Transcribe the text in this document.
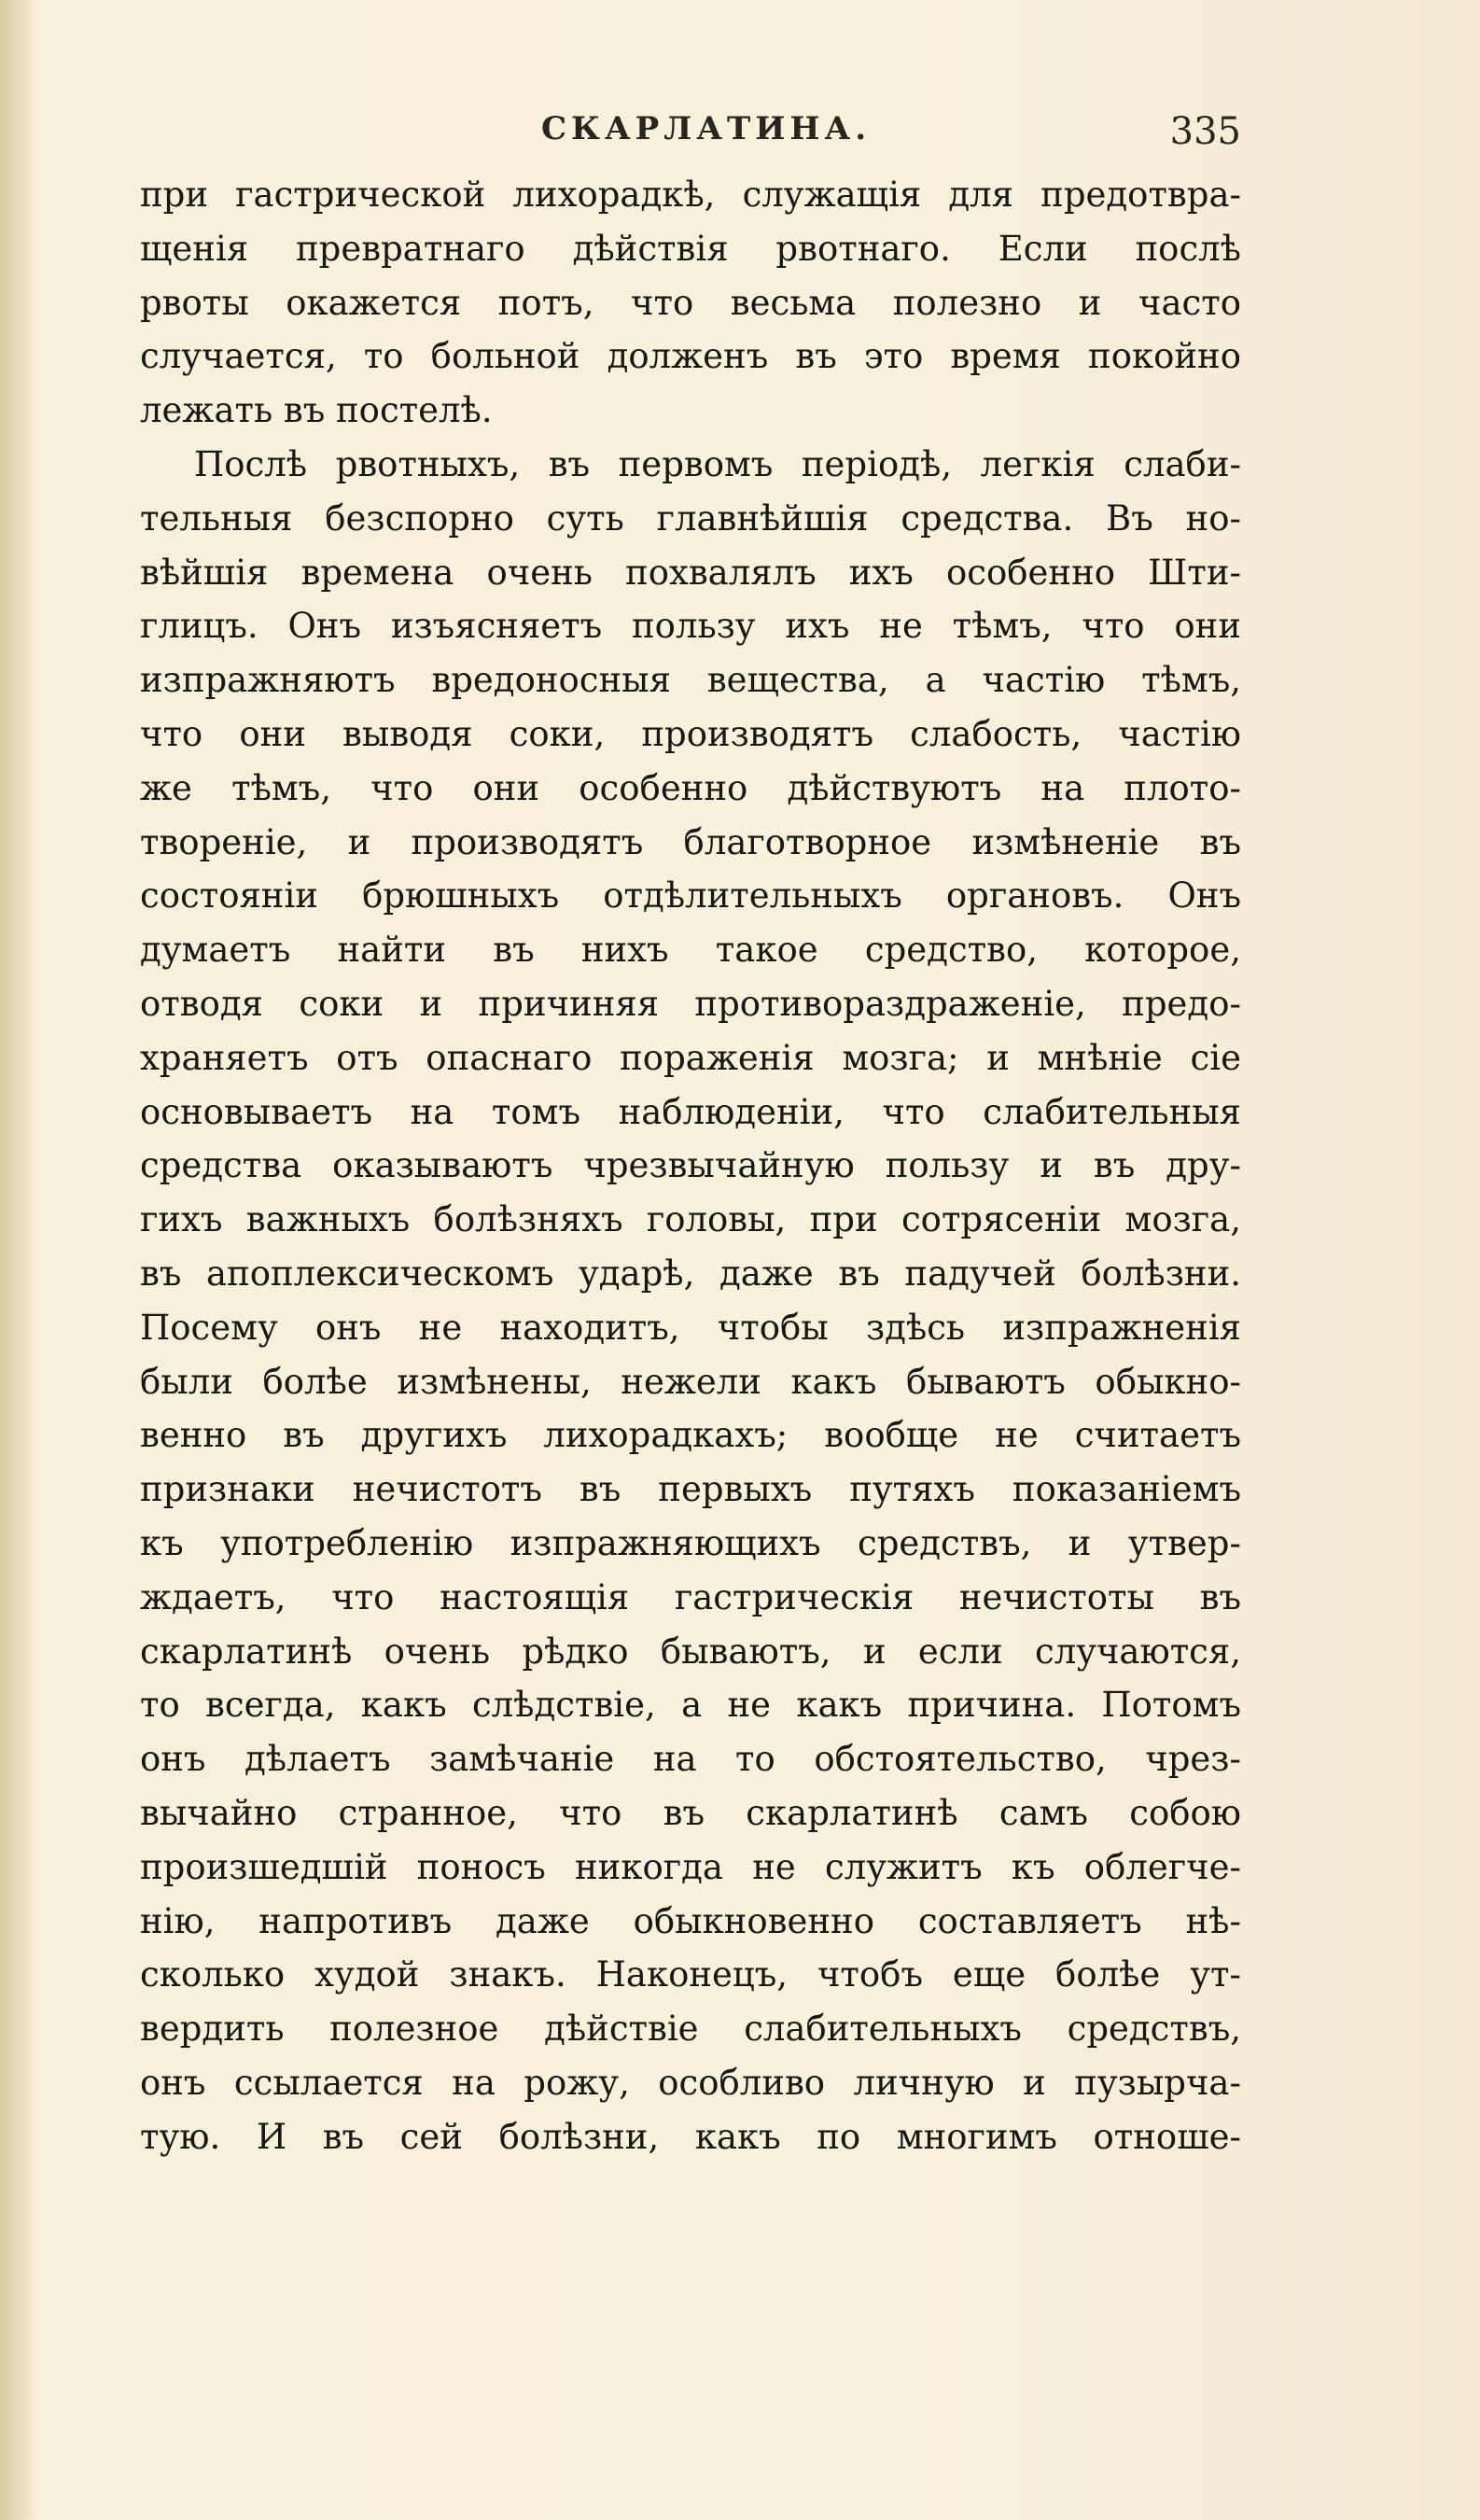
СКАРЛАТИНА.	335
при гастрической лихорадкѣ, служащія для предотвра-
щенія превратнаго дѣйствія рвотнаго. Если послѣ
рвоты окажется потъ, что весьма полезно и часто
случается, то больной долженъ въ это время покойно
лежать въ постелѣ.
Послѣ рвотныхъ, въ первомъ періодѣ, легкія слаби-
тельныя безспорно суть главнѣйшія средства. Въ но-
вѣйшія времена очень похвалялъ ихъ особенно Шти-
глицъ. Онъ изъясняетъ пользу ихъ не тѣмъ, что они
изпражняютъ вредоносныя вещества, а частію тѣмъ,
что они выводя соки, производятъ слабость, частію
же тѣмъ, что они особенно дѣйствуютъ на плото-
твореніе, и производятъ благотворное измѣненіе въ
состояніи брюшныхъ отдѣлительныхъ органовъ. Онъ
думаетъ найти въ нихъ такое средство, которое,
отводя соки и причиняя противораздраженіе, предо-
храняетъ отъ опаснаго пораженія мозга; и мнѣніе сіе
основываетъ на томъ наблюденіи, что слабительныя
средства оказываютъ чрезвычайную пользу и въ дру-
гихъ важныхъ болѣзняхъ головы, при сотрясеніи мозга,
въ апоплексическомъ ударѣ, даже въ падучей болѣзни.
Посему онъ не находитъ, чтобы здѣсь изпражненія
были болѣе измѣнены, нежели какъ бываютъ обыкно-
венно въ другихъ лихорадкахъ; вообще не считаетъ
признаки нечистотъ въ первыхъ путяхъ показаніемъ
къ употребленію изпражняющихъ средствъ, и утвер-
ждаетъ, что настоящія гастрическія нечистоты въ
скарлатинѣ очень рѣдко бываютъ, и если случаются,
то всегда, какъ слѣдствіе, а не какъ причина. Потомъ
онъ дѣлаетъ замѣчаніе на то обстоятельство, чрез-
вычайно странное, что въ скарлатинѣ самъ собою
произшедшій поносъ никогда не служитъ къ облегче-
нію, напротивъ даже обыкновенно составляетъ нѣ-
сколько худой знакъ. Наконецъ, чтобъ еще болѣе ут-
вердить полезное дѣйствіе слабительныхъ средствъ,
онъ ссылается на рожу, особливо личную и пузырча-
тую. И въ сей болѣзни, какъ по многимъ отноше-
